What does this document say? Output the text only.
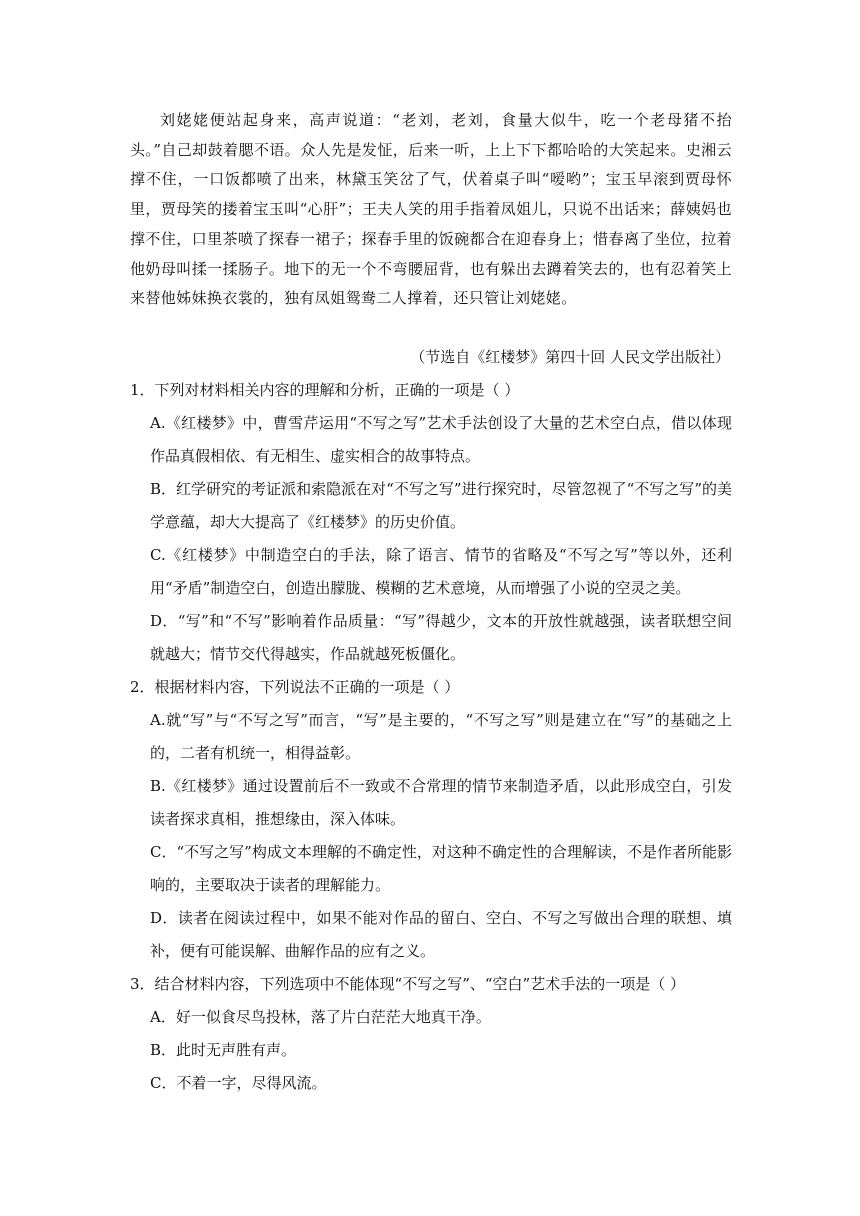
刘姥姥便站起身来，高声说道：“老刘，老刘，食量大似牛，吃一个老母猪不抬头。”自己却鼓着腮不语。众人先是发怔，后来一听，上上下下都哈哈的大笑起来。史湘云撑不住，一口饭都喷了出来，林黛玉笑岔了气，伏着桌子叫“嗳哟”；宝玉早滚到贾母怀里，贾母笑的搂着宝玉叫“心肝”；王夫人笑的用手指着凤姐儿，只说不出话来；薛姨妈也撑不住，口里茶喷了探春一裙子；探春手里的饭碗都合在迎春身上；惜春离了坐位，拉着他奶母叫揉一揉肠子。地下的无一个不弯腰屈背，也有躲出去蹲着笑去的，也有忍着笑上来替他姊妹换衣裳的，独有凤姐鸳鸯二人撑着，还只管让刘姥姥。

（节选自《红楼梦》第四十回 人民文学出版社）

1．下列对材料相关内容的理解和分析，正确的一项是（ ）

A.《红楼梦》中，曹雪芹运用“不写之写”艺术手法创设了大量的艺术空白点，借以体现作品真假相依、有无相生、虚实相合的故事特点。

B．红学研究的考证派和索隐派在对“不写之写”进行探究时，尽管忽视了“不写之写”的美学意蕴，却大大提高了《红楼梦》的历史价值。

C.《红楼梦》中制造空白的手法，除了语言、情节的省略及“不写之写”等以外，还利用“矛盾”制造空白，创造出朦胧、模糊的艺术意境，从而增强了小说的空灵之美。

D．“写”和“不写”影响着作品质量：“写”得越少，文本的开放性就越强，读者联想空间就越大；情节交代得越实，作品就越死板僵化。

2．根据材料内容，下列说法不正确的一项是（ ）

A.就“写”与“不写之写”而言，“写”是主要的，“不写之写”则是建立在“写”的基础之上的，二者有机统一，相得益彰。

B.《红楼梦》通过设置前后不一致或不合常理的情节来制造矛盾，以此形成空白，引发读者探求真相，推想缘由，深入体味。

C．“不写之写”构成文本理解的不确定性，对这种不确定性的合理解读，不是作者所能影响的，主要取决于读者的理解能力。

D．读者在阅读过程中，如果不能对作品的留白、空白、不写之写做出合理的联想、填补，便有可能误解、曲解作品的应有之义。

3．结合材料内容，下列选项中不能体现“不写之写”、“空白”艺术手法的一项是（ ）

A．好一似食尽鸟投林，落了片白茫茫大地真干净。

B．此时无声胜有声。

C．不着一字，尽得风流。
